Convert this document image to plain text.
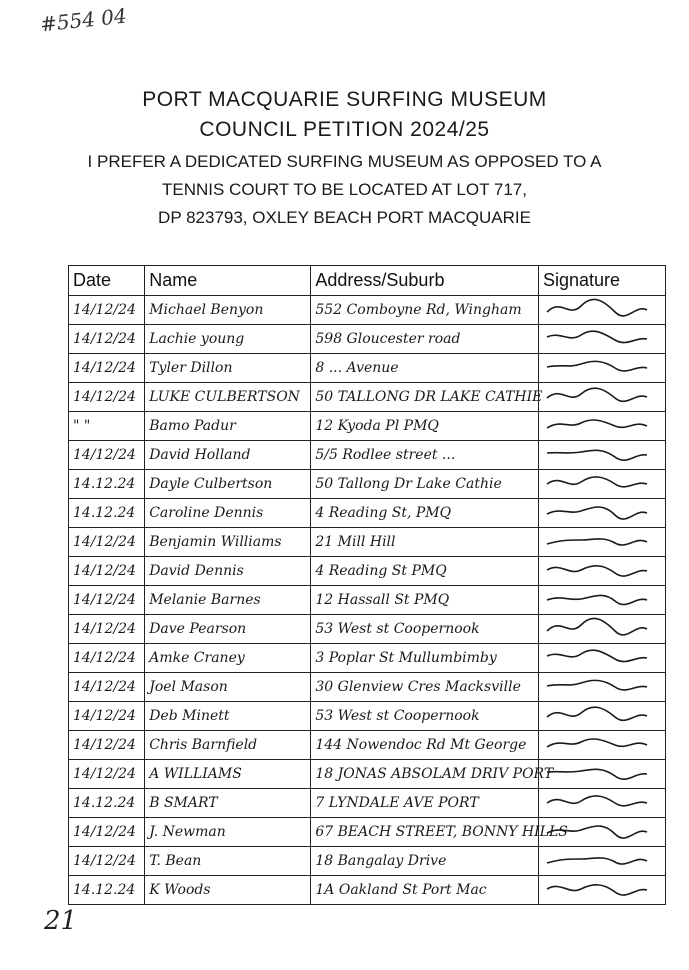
#554 04
PORT MACQUARIE SURFING MUSEUM
COUNCIL PETITION 2024/25
I PREFER A DEDICATED SURFING MUSEUM AS OPPOSED TO A
TENNIS COURT TO BE LOCATED AT LOT 717,
DP 823793, OXLEY BEACH PORT MACQUARIE
Date	Name	Address/Suburb	Signature
14/12/24	Michael Benyon	552 Comboyne Rd, Wingham	
14/12/24	Lachie young	598 Gloucester road	
14/12/24	Tyler Dillon	8 ... Avenue	
14/12/24	LUKE CULBERTSON	50 TALLONG DR LAKE CATHIE	
" "	Bamo Padur	12 Kyoda Pl PMQ	
14/12/24	David Holland	5/5 Rodlee street ...	
14.12.24	Dayle Culbertson	50 Tallong Dr Lake Cathie	
14.12.24	Caroline Dennis	4 Reading St, PMQ	
14/12/24	Benjamin Williams	21 Mill Hill	
14/12/24	David Dennis	4 Reading St PMQ	
14/12/24	Melanie Barnes	12 Hassall St PMQ	
14/12/24	Dave Pearson	53 West st Coopernook	
14/12/24	Amke Craney	3 Poplar St Mullumbimby	
14/12/24	Joel Mason	30 Glenview Cres Macksville	
14/12/24	Deb Minett	53 West st Coopernook	
14/12/24	Chris Barnfield	144 Nowendoc Rd Mt George	
14/12/24	A WILLIAMS	18 JONAS ABSOLAM DRIV PORT	
14.12.24	B SMART	7 LYNDALE AVE PORT	
14/12/24	J. Newman	67 BEACH STREET, BONNY HILLS	
14/12/24	T. Bean	18 Bangalay Drive	
14.12.24	K Woods	1A Oakland St Port Mac	
21
